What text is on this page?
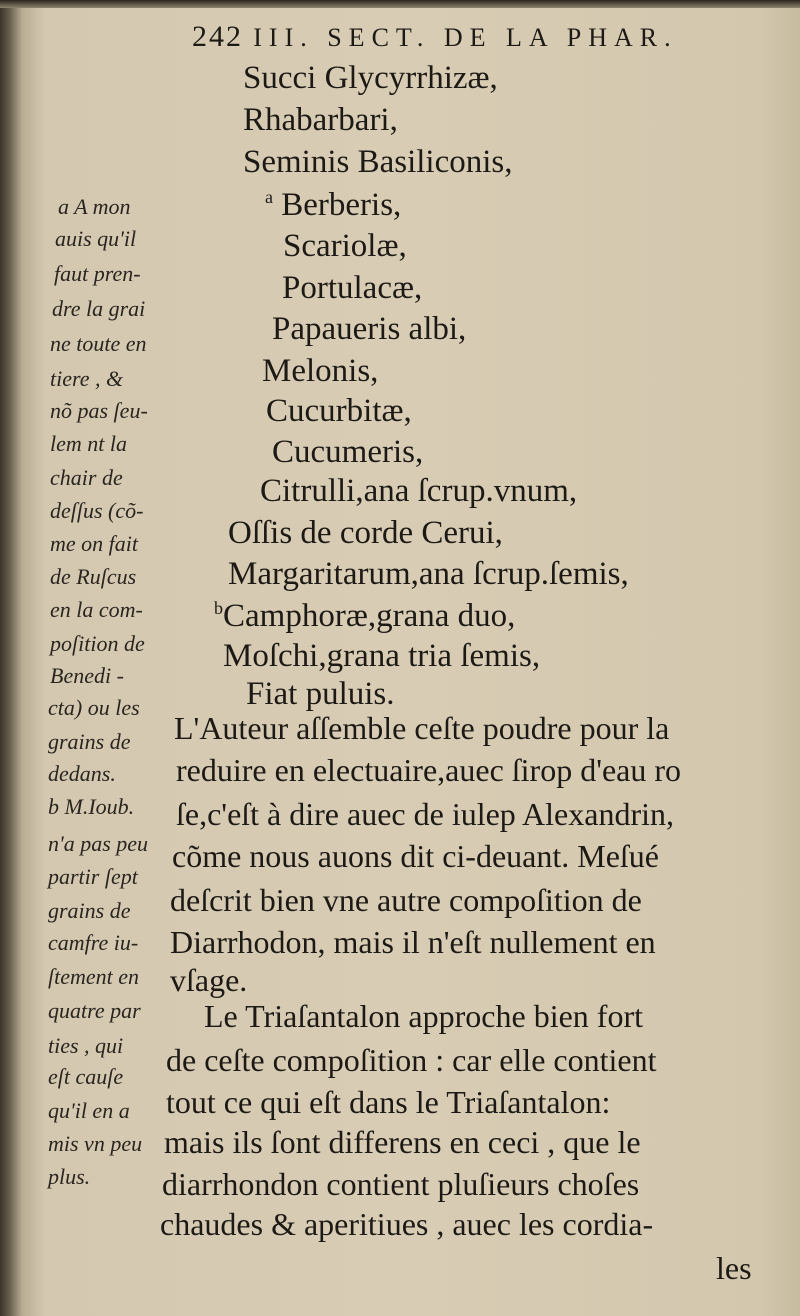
242 III. SECT. DE LA PHAR.
Succi Glycyrrhizæ,
Rhabarbari,
Seminis Basiliconis,
$^a$ Berberis,
Scariolæ,
Portulacæ,
Papaueris albi,
Melonis,
Cucurbitæ,
Cucumeris,
Citrulli,ana ſcrup.vnum,
Oſſis de corde Cerui,
Margaritarum,ana ſcrup.ſemis,
$^b$Camphoræ,grana duo,
Moſchi,grana tria ſemis,
Fiat puluis.
L'Auteur aſſemble ceſte poudre pour la
reduire en electuaire,auec ſirop d'eau ro
ſe,c'eſt à dire auec de iulep Alexandrin,
cõme nous auons dit ci-deuant. Meſué
deſcrit bien vne autre compoſition de
Diarrhodon, mais il n'eſt nullement en
vſage.
Le Triaſantalon approche bien fort
de ceſte compoſition : car elle contient
tout ce qui eſt dans le Triaſantalon:
mais ils ſont differens en ceci , que le
diarrhondon contient pluſieurs choſes
chaudes & aperitiues , auec les cordia-
les
a A mon
auis qu'il
faut pren-
dre la grai
ne toute en
tiere , &
nõ pas ſeu-
lem nt la
chair de
deſſus (cõ-
me on fait
de Ruſcus
en la com-
poſition de
Benedi -
cta) ou les
grains de
dedans.
b M.Ioub.
n'a pas peu
partir ſept
grains de
camfre iu-
ſtement en
quatre par
ties , qui
eſt cauſe
qu'il en a
mis vn peu
plus.
